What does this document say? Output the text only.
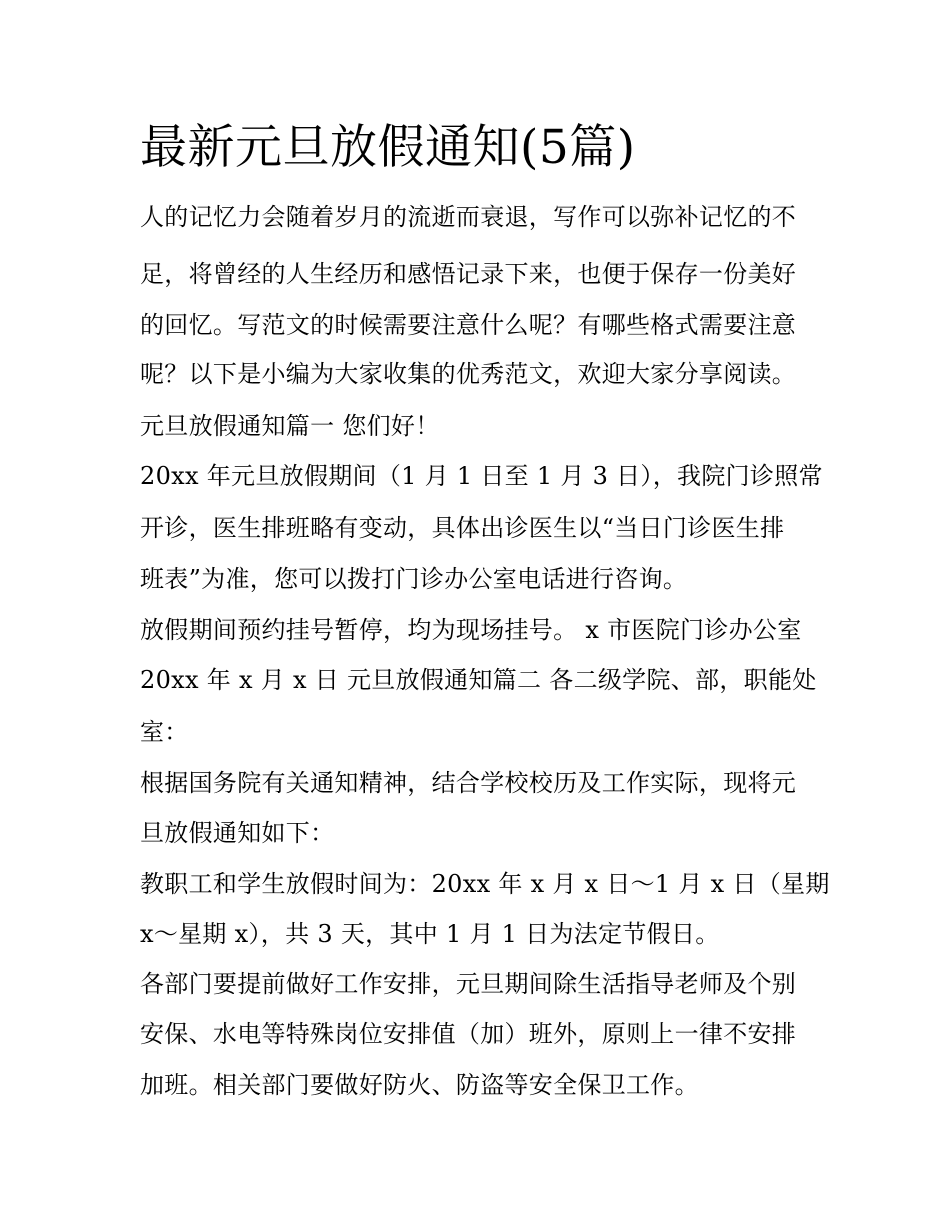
最新元旦放假通知(5篇)

人的记忆力会随着岁月的流逝而衰退，写作可以弥补记忆的不

足，将曾经的人生经历和感悟记录下来，也便于保存一份美好

的回忆。写范文的时候需要注意什么呢？有哪些格式需要注意

呢？以下是小编为大家收集的优秀范文，欢迎大家分享阅读。

元旦放假通知篇一 您们好！

20xx 年元旦放假期间（1 月 1 日至 1 月 3 日），我院门诊照常

开诊，医生排班略有变动，具体出诊医生以“当日门诊医生排

班表”为准，您可以拨打门诊办公室电话进行咨询。

放假期间预约挂号暂停，均为现场挂号。 x 市医院门诊办公室

20xx 年 x 月 x 日 元旦放假通知篇二 各二级学院、部，职能处

室：

根据国务院有关通知精神，结合学校校历及工作实际，现将元

旦放假通知如下：

教职工和学生放假时间为：20xx 年 x 月 x 日～1 月 x 日（星期

x～星期 x），共 3 天，其中 1 月 1 日为法定节假日。

各部门要提前做好工作安排，元旦期间除生活指导老师及个别

安保、水电等特殊岗位安排值（加）班外，原则上一律不安排

加班。相关部门要做好防火、防盗等安全保卫工作。
